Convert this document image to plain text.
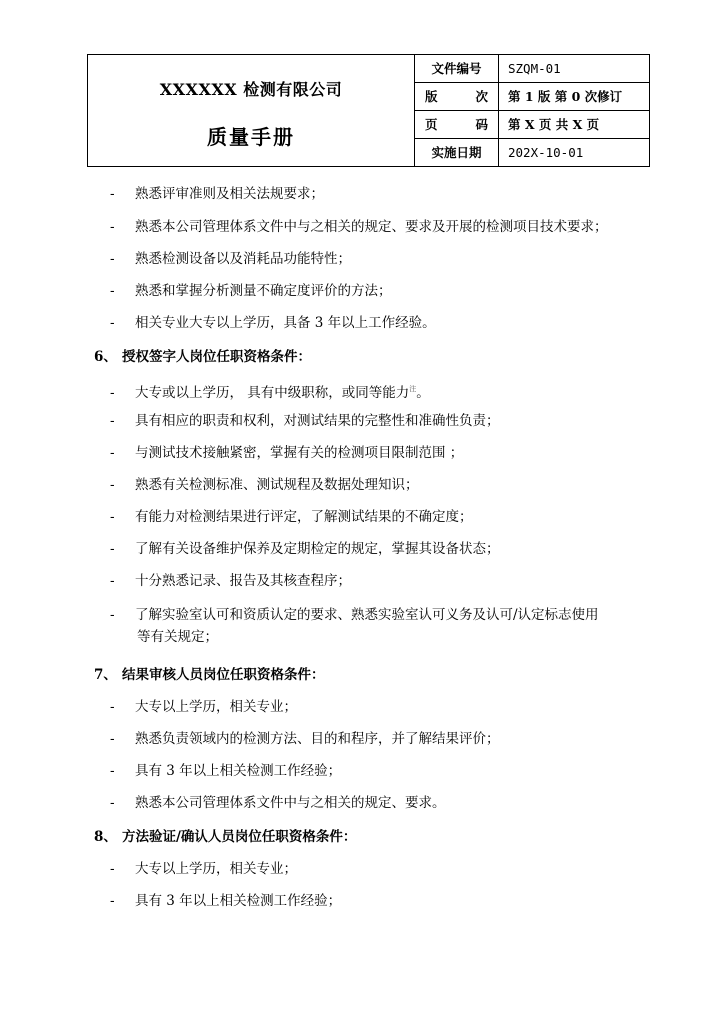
XXXXXX 检测有限公司
质量手册
文件编号	SZQM-01
版 次	第 1 版 第 0 次修订
页 码	第 X 页 共 X 页
实施日期	202X-10-01
- 熟悉评审准则及相关法规要求；
- 熟悉本公司管理体系文件中与之相关的规定、要求及开展的检测项目技术要求；
- 熟悉检测设备以及消耗品功能特性；
- 熟悉和掌握分析测量不确定度评价的方法；
- 相关专业大专以上学历，具备 3 年以上工作经验。
6、 授权签字人岗位任职资格条件：
- 大专或以上学历， 具有中级职称，或同等能力$^注$。
- 具有相应的职责和权利，对测试结果的完整性和准确性负责；
- 与测试技术接触紧密，掌握有关的检测项目限制范围 ；
- 熟悉有关检测标准、测试规程及数据处理知识；
- 有能力对检测结果进行评定，了解测试结果的不确定度；
- 了解有关设备维护保养及定期检定的规定，掌握其设备状态；
- 十分熟悉记录、报告及其核查程序；
- 了解实验室认可和资质认定的要求、熟悉实验室认可义务及认可/认定标志使用
等有关规定；
7、 结果审核人员岗位任职资格条件：
- 大专以上学历，相关专业；
- 熟悉负责领域内的检测方法、目的和程序，并了解结果评价；
- 具有 3 年以上相关检测工作经验；
- 熟悉本公司管理体系文件中与之相关的规定、要求。
8、 方法验证/确认人员岗位任职资格条件：
- 大专以上学历，相关专业；
- 具有 3 年以上相关检测工作经验；
